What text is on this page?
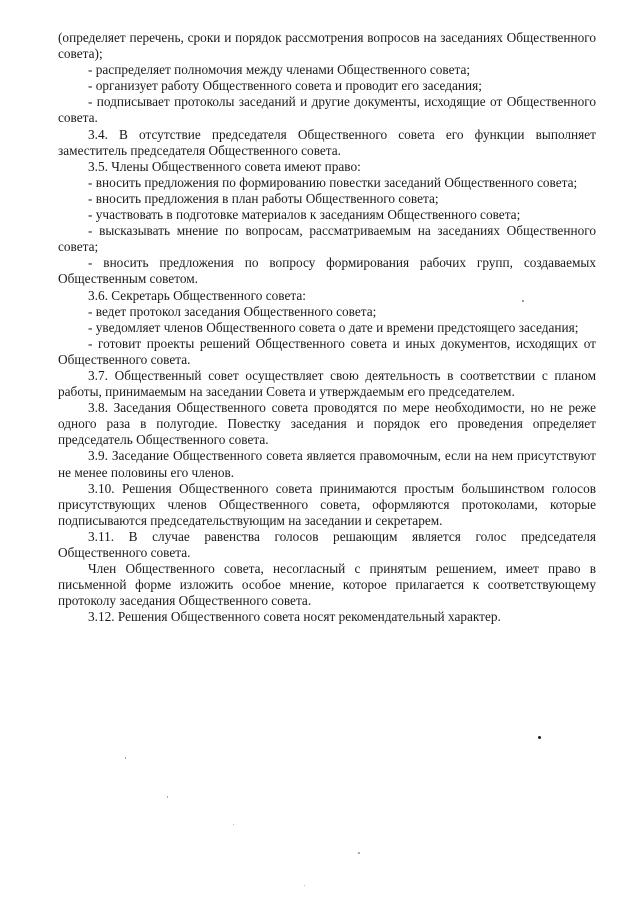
(определяет перечень, сроки и порядок рассмотрения вопросов на заседаниях Общественного совета);

- распределяет полномочия между членами Общественного совета;

- организует работу Общественного совета и проводит его заседания;

- подписывает протоколы заседаний и другие документы, исходящие от Общественного совета.

3.4. В отсутствие председателя Общественного совета его функции выполняет заместитель председателя Общественного совета.

3.5. Члены Общественного совета имеют право:

- вносить предложения по формированию повестки заседаний Общественного совета;

- вносить предложения в план работы Общественного совета;

- участвовать в подготовке материалов к заседаниям Общественного совета;

- высказывать мнение по вопросам, рассматриваемым на заседаниях Общественного совета;

- вносить предложения по вопросу формирования рабочих групп, создаваемых Общественным советом.

3.6. Секретарь Общественного совета:

- ведет протокол заседания Общественного совета;

- уведомляет членов Общественного совета о дате и времени предстоящего заседания;

- готовит проекты решений Общественного совета и иных документов, исходящих от Общественного совета.

3.7. Общественный совет осуществляет свою деятельность в соответствии с планом работы, принимаемым на заседании Совета и утверждаемым его председателем.

3.8. Заседания Общественного совета проводятся по мере необходимости, но не реже одного раза в полугодие. Повестку заседания и порядок его проведения определяет председатель Общественного совета.

3.9. Заседание Общественного совета является правомочным, если на нем присутствуют не менее половины его членов.

3.10. Решения Общественного совета принимаются простым большинством голосов присутствующих членов Общественного совета, оформляются протоколами, которые подписываются председательствующим на заседании и секретарем.

3.11. В случае равенства голосов решающим является голос председателя Общественного совета.

Член Общественного совета, несогласный с принятым решением, имеет право в письменной форме изложить особое мнение, которое прилагается к соответствующему протоколу заседания Общественного совета.

3.12. Решения Общественного совета носят рекомендательный характер.
